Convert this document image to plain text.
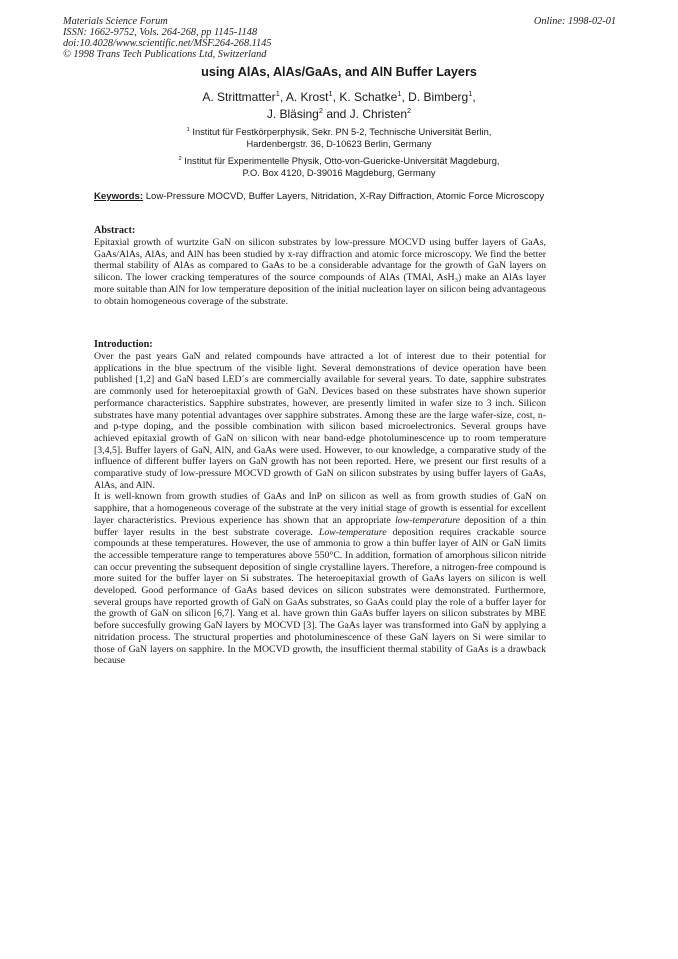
Materials Science Forum
ISSN: 1662-9752, Vols. 264-268, pp 1145-1148
doi:10.4028/www.scientific.net/MSF.264-268.1145
© 1998 Trans Tech Publications Ltd, Switzerland
Online: 1998-02-01
using AlAs, AlAs/GaAs, and AlN Buffer Layers
A. Strittmatter$^1$, A. Krost$^1$, K. Schatke$^1$, D. Bimberg$^1$,
J. Bläsing$^2$ and J. Christen$^2$
$^1$ Institut für Festkörperphysik, Sekr. PN 5-2, Technische Universität Berlin,
Hardenbergstr. 36, D-10623 Berlin, Germany
$^2$ Institut für Experimentelle Physik, Otto-von-Guericke-Universität Magdeburg,
P.O. Box 4120, D-39016 Magdeburg, Germany
Keywords: Low-Pressure MOCVD, Buffer Layers, Nitridation, X-Ray Diffraction, Atomic Force Microscopy
Abstract:

Epitaxial growth of wurtzite GaN on silicon substrates by low-pressure MOCVD using buffer layers of GaAs, GaAs/AlAs, AlAs, and AlN has been studied by x-ray diffraction and atomic force microscopy. We find the better thermal stability of AlAs as compared to GaAs to be a considerable advantage for the growth of GaN layers on silicon. The lower cracking temperatures of the source compounds of AlAs (TMAl, AsH₃) make an AlAs layer more suitable than AlN for low temperature deposition of the initial nucleation layer on silicon being advantageous to obtain homogeneous coverage of the substrate.

Introduction:

Over the past years GaN and related compounds have attracted a lot of interest due to their potential for applications in the blue spectrum of the visible light. Several demonstrations of device operation have been published [1,2] and GaN based LED´s are commercially available for several years. To date, sapphire substrates are commonly used for heteroepitaxial growth of GaN. Devices based on these substrates have shown superior performance characteristics. Sapphire substrates, however, are presently limited in wafer size to 3 inch. Silicon substrates have many potential advantages over sapphire substrates. Among these are the large wafer-size, cost, n- and p-type doping, and the possible combination with silicon based microelectronics. Several groups have achieved epitaxial growth of GaN on silicon with near band-edge photoluminescence up to room temperature [3,4,5]. Buffer layers of GaN, AlN, and GaAs were used. However, to our knowledge, a comparative study of the influence of different buffer layers on GaN growth has not been reported. Here, we present our first results of a comparative study of low-pressure MOCVD growth of GaN on silicon substrates by using buffer layers of GaAs, AlAs, and AlN.

It is well-known from growth studies of GaAs and InP on silicon as well as from growth studies of GaN on sapphire, that a homogeneous coverage of the substrate at the very initial stage of growth is essential for excellent layer characteristics. Previous experience has shown that an appropriate low-temperature deposition of a thin buffer layer results in the best substrate coverage. Low-temperature deposition requires crackable source compounds at these temperatures. However, the use of ammonia to grow a thin buffer layer of AlN or GaN limits the accessible temperature range to temperatures above 550°C. In addition, formation of amorphous silicon nitride can occur preventing the subsequent deposition of single crystalline layers. Therefore, a nitrogen-free compound is more suited for the buffer layer on Si substrates. The heteroepitaxial growth of GaAs layers on silicon is well developed. Good performance of GaAs based devices on silicon substrates were demonstrated. Furthermore, several groups have reported growth of GaN on GaAs substrates, so GaAs could play the role of a buffer layer for the growth of GaN on silicon [6,7]. Yang et al. have grown thin GaAs buffer layers on silicon substrates by MBE before succesfully growing GaN layers by MOCVD [3]. The GaAs layer was transformed into GaN by applying a nitridation process. The structural properties and photoluminescence of these GaN layers on Si were similar to those of GaN layers on sapphire. In the MOCVD growth, the insufficient thermal stability of GaAs is a drawback because
